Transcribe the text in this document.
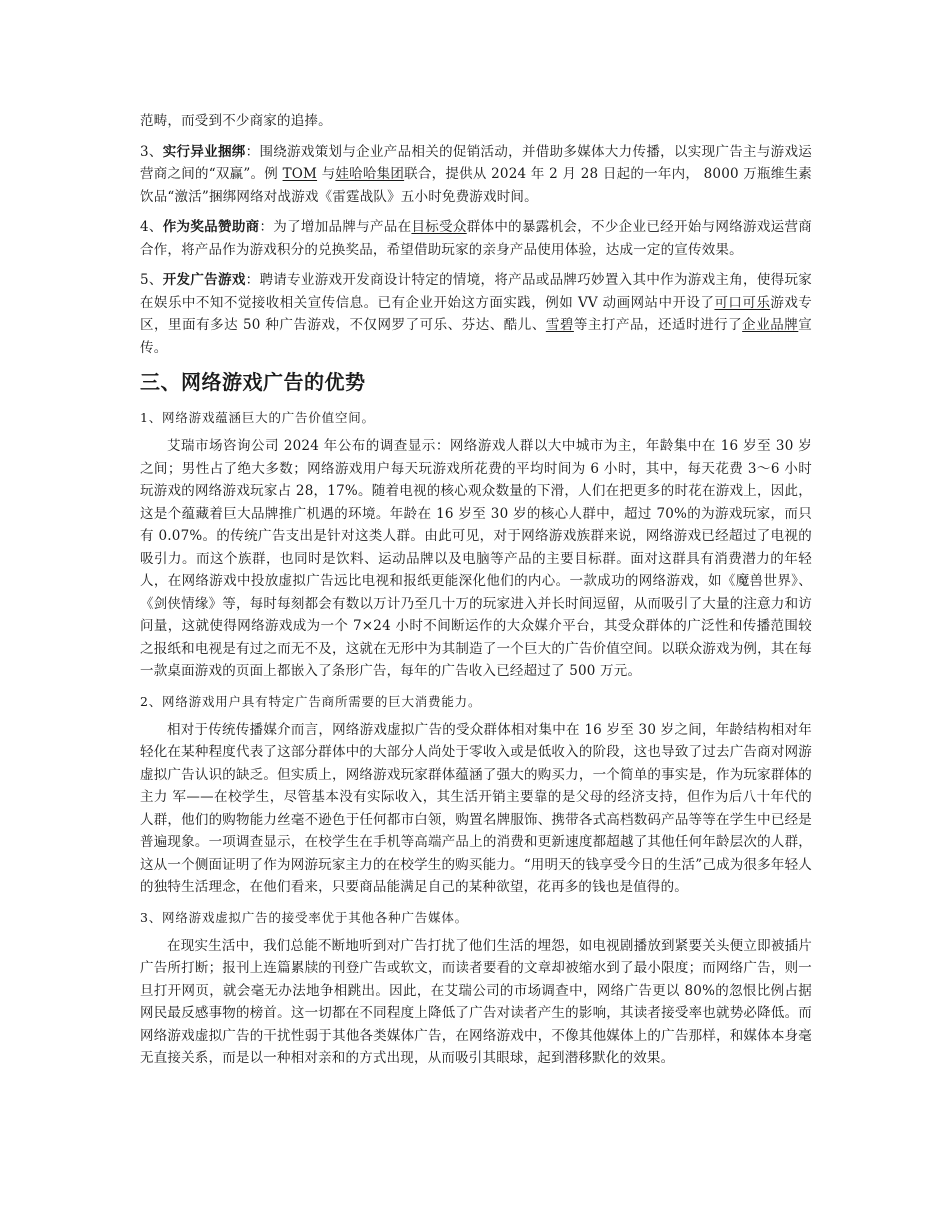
范畴，而受到不少商家的追捧。

3、实行异业捆绑：围绕游戏策划与企业产品相关的促销活动，并借助多媒体大力传播，以实现广告主与游戏运营商之间的“双赢”。例 TOM 与娃哈哈集团联合，提供从 2024 年 2 月 28 日起的一年内， 8000 万瓶维生素饮品“激活”捆绑网络对战游戏《雷霆战队》五小时免费游戏时间。

4、作为奖品赞助商：为了增加品牌与产品在目标受众群体中的暴露机会，不少企业已经开始与网络游戏运营商合作，将产品作为游戏积分的兑换奖品，希望借助玩家的亲身产品使用体验，达成一定的宣传效果。

5、开发广告游戏：聘请专业游戏开发商设计特定的情境，将产品或品牌巧妙置入其中作为游戏主角，使得玩家在娱乐中不知不觉接收相关宣传信息。已有企业开始这方面实践，例如 VV 动画网站中开设了可口可乐游戏专区，里面有多达 50 种广告游戏，不仅网罗了可乐、芬达、酷儿、雪碧等主打产品，还适时进行了企业品牌宣传。

三、网络游戏广告的优势

1、网络游戏蕴涵巨大的广告价值空间。

艾瑞市场咨询公司 2024 年公布的调查显示：网络游戏人群以大中城市为主，年龄集中在 16 岁至 30 岁之间；男性占了绝大多数；网络游戏用户每天玩游戏所花费的平均时间为 6 小时，其中，每天花费 3～6 小时玩游戏的网络游戏玩家占 28，17%。随着电视的核心观众数量的下滑，人们在把更多的时花在游戏上，因此，这是个蕴藏着巨大品牌推广机遇的环境。年龄在 16 岁至 30 岁的核心人群中，超过 70%的为游戏玩家，而只有 0.07%。的传统广告支出是针对这类人群。由此可见，对于网络游戏族群来说，网络游戏已经超过了电视的吸引力。而这个族群，也同时是饮料、运动品牌以及电脑等产品的主要目标群。面对这群具有消费潜力的年轻人，在网络游戏中投放虚拟广告远比电视和报纸更能深化他们的内心。一款成功的网络游戏，如《魔兽世界》、《剑侠情缘》等，每时每刻都会有数以万计乃至几十万的玩家进入并长时间逗留，从而吸引了大量的注意力和访问量，这就使得网络游戏成为一个 7×24 小时不间断运作的大众媒介平台，其受众群体的广泛性和传播范围较之报纸和电视是有过之而无不及，这就在无形中为其制造了一个巨大的广告价值空间。以联众游戏为例，其在每一款桌面游戏的页面上都嵌入了条形广告，每年的广告收入已经超过了 500 万元。

2、网络游戏用户具有特定广告商所需要的巨大消费能力。

相对于传统传播媒介而言，网络游戏虚拟广告的受众群体相对集中在 16 岁至 30 岁之间，年龄结构相对年轻化在某种程度代表了这部分群体中的大部分人尚处于零收入或是低收入的阶段，这也导致了过去广告商对网游虚拟广告认识的缺乏。但实质上，网络游戏玩家群体蕴涵了强大的购买力，一个简单的事实是，作为玩家群体的主力 军——在校学生，尽管基本没有实际收入，其生活开销主要靠的是父母的经济支持，但作为后八十年代的人群，他们的购物能力丝毫不逊色于任何都市白领，购置名牌服饰、携带各式高档数码产品等等在学生中已经是普遍现象。一项调查显示，在校学生在手机等高端产品上的消费和更新速度都超越了其他任何年龄层次的人群，这从一个侧面证明了作为网游玩家主力的在校学生的购买能力。“用明天的钱享受今日的生活”己成为很多年轻人的独特生活理念，在他们看来，只要商品能满足自己的某种欲望，花再多的钱也是值得的。

3、网络游戏虚拟广告的接受率优于其他各种广告媒体。

在现实生活中，我们总能不断地听到对广告打扰了他们生活的埋怨，如电视剧播放到紧要关头便立即被插片广告所打断；报刊上连篇累牍的刊登广告或软文，而读者要看的文章却被缩水到了最小限度；而网络广告，则一旦打开网页，就会毫无办法地争相跳出。因此，在艾瑞公司的市场调查中，网络广告更以 80%的忽恨比例占据网民最反感事物的榜首。这一切都在不同程度上降低了广告对读者产生的影响，其读者接受率也就势必降低。而网络游戏虚拟广告的干扰性弱于其他各类媒体广告，在网络游戏中，不像其他媒体上的广告那样，和媒体本身毫无直接关系，而是以一种相对亲和的方式出现，从而吸引其眼球，起到潜移默化的效果。
